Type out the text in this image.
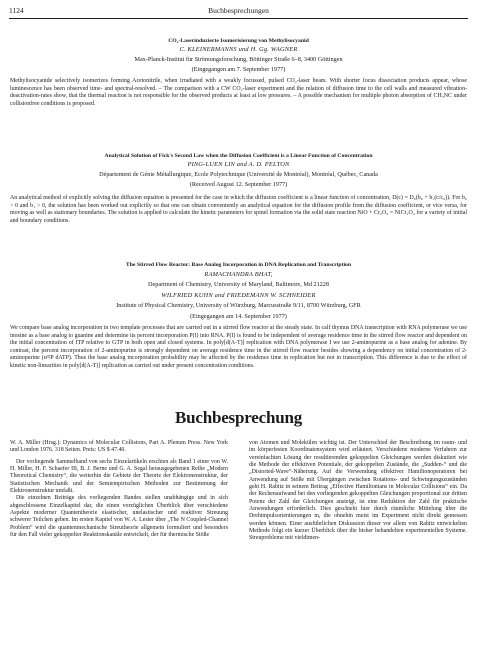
1124	Buchbesprechungen
CO₂-Laserinduzierte Isomerisierung von Methylisocyanid
C. KLEINERMANNS und H. Gg. WAGNER
Max-Planck-Institut für Strömungsforschung, Böttinger Straße 6–8, 3400 Göttingen
(Eingegangen am 7. September 1977)
Methylisocyanide selectively isomerizes forming Acetonitrile, when irradiated with a weakly focussed, pulsed CO₂-laser beam. With shorter focus dissociation products appear, whose luminescence has been observed time- and spectral-resolved. – The comparison with a CW CO₂-laser experiment and the relation of diffusion time to the cell walls and measured vibration-deactivation-rates show, that the thermal reaction is not responsible for the observed products at least at low pressures. – A possible mechanism for multiple photon absorption of CH₃NC under collisionfree conditions is proposed.
Analytical Solution of Fick's Second Law when the Diffusion Coefficient is a Linear Function of Concentration
PING-LUEN LIN and A. D. PELTON
Département de Génie Métallurgique, Ecole Polytechnique (Université de Montréal), Montréal, Québec, Canada
(Received August 12. September 1977)
An analytical method of explicitly solving the diffusion equation is presented for the case in which the diffusion coefficient is a linear function of concentration, D(c) = D₀(b₀ + b₁(c/c₀)). For b₀ > 0 and b₁ > 0, the solution has been worked out explicitly so that one can obtain conveniently an analytical equation for the diffusion profile from the diffusion coefficient, or vice versa, for moving as well as stationary boundaries. The solution is applied to calculate the kinetic parameters for spinel formation via the solid state reaction NiO + Cr₂O₃ = NiCr₂O₄ for a variety of initial and boundary conditions.
The Stirred Flow Reactor: Base Analog Incorporation in DNA Replication and Transcription
RAMACHANDRA BHAT,
Department of Chemistry, University of Maryland, Baltimore, Md 21228
WILFRIED KUHN and FRIEDEMANN W. SCHNEIDER
Institute of Physical Chemistry, University of Würzburg, Marcusstraße 9/11, 8700 Würzburg, GFR
(Eingegangen am 14. September 1977)
We compare base analog incorporation in two template processes that are carried out in a stirred flow reactor at the steady state. In calf thymus DNA transcription with RNA polymerase we use inosine as a base analog to guanine and determine its percent incorporation P(I) into RNA. P(I) is found to be independent of average residence time in the stirred flow reactor and dependent on the initial concentration of ITP relative to GTP in both open and closed systems. In poly[d(A-T)] replication with DNA polymerase I we use 2-aminopurine as a base analog for adenine. By contrast, the percent incorporation of 2-aminopurine is strongly dependent on average residence time in the stirred flow reactor besides showing a dependency on initial concentration of 2-aminopurine (α³²P dATP). Thus the base analog incorporation probability may be affected by the residence time in replication but not in transcription. This difference is due to the effect of kinetic non-linearities in poly[d(A-T)] replication as carried out under present concentration conditions.
Buchbesprechung

W. A. Miller (Hrsg.): Dynamics of Molecular Collisions, Part A. Plenum Press. New York und London 1976. 318 Seiten. Preis: US $ 47.40.

Der vorliegende Sammelband von sechs Einzelartikeln erschien als Band 1 einer von W. H. Miller, H. F. Schaefer III, B. J. Berne und G. A. Segal herausgegebenen Reihe „Modern Theoretical Chemistry“, die weiterhin die Gebiete der Theorie der Elektronenstruktur, der Statistischen Mechanik und der Semiempirischen Methoden zur Bestimmung der Elektronenstruktur umfaßt.

Die einzelnen Beiträge des vorliegenden Bandes stellen unabhängige und in sich abgeschlossene Einzelkapitel dar, die einen vorzüglichen Überblick über verschiedene Aspekte moderner Quantentheorie elastischer, unelastischer und reaktiver Streuung schwerer Teilchen geben. Im ersten Kapitel von W. A. Lester über „The N Coupled-Channel Problem“ wird die quantenmechanische Streutheorie allgemein formuliert und besonders für den Fall vieler gekoppelter Reaktionskanäle entwickelt, der für thermische Stöße

von Atomen und Molekülen wichtig ist. Der Unterschied der Beschreibung im raum- und im körperfesten Koordinatensystem wird erläutert. Verschiedene moderne Verfahren zur vereinfachten Lösung der resultierenden gekoppelten Gleichungen werden diskutiert wie die Methode der effektiven Potentiale, der gekoppelten Zustände, die „Sudden-“ und die „Distorted-Wave“-Näherung. Auf die Verwendung effektiver Hamiltonoperatoren bei Anwendung auf Stöße mit Übergängen zwischen Rotations- und Schwingungszuständen geht H. Rabitz in seinem Beitrag „Effective Hamiltonians in Molecular Collisions“ ein. Da der Rechenaufwand bei den vorliegenden gekoppelten Gleichungen proportional zur dritten Potenz der Zahl der Gleichungen ansteigt, ist eine Reduktion der Zahl für praktische Anwendungen erforderlich. Dies geschieht hier durch räumliche Mittelung über die Drehimpulsorientierungen m, die ohnehin meist im Experiment nicht direkt gemessen werden können. Einer ausführlichen Diskussion dieser vor allem von Rabitz entwickelten Methode folgt ein kurzer Überblick über die bisher behandelten experimentellen Systeme. Streuprobleme mit vieldimen-
